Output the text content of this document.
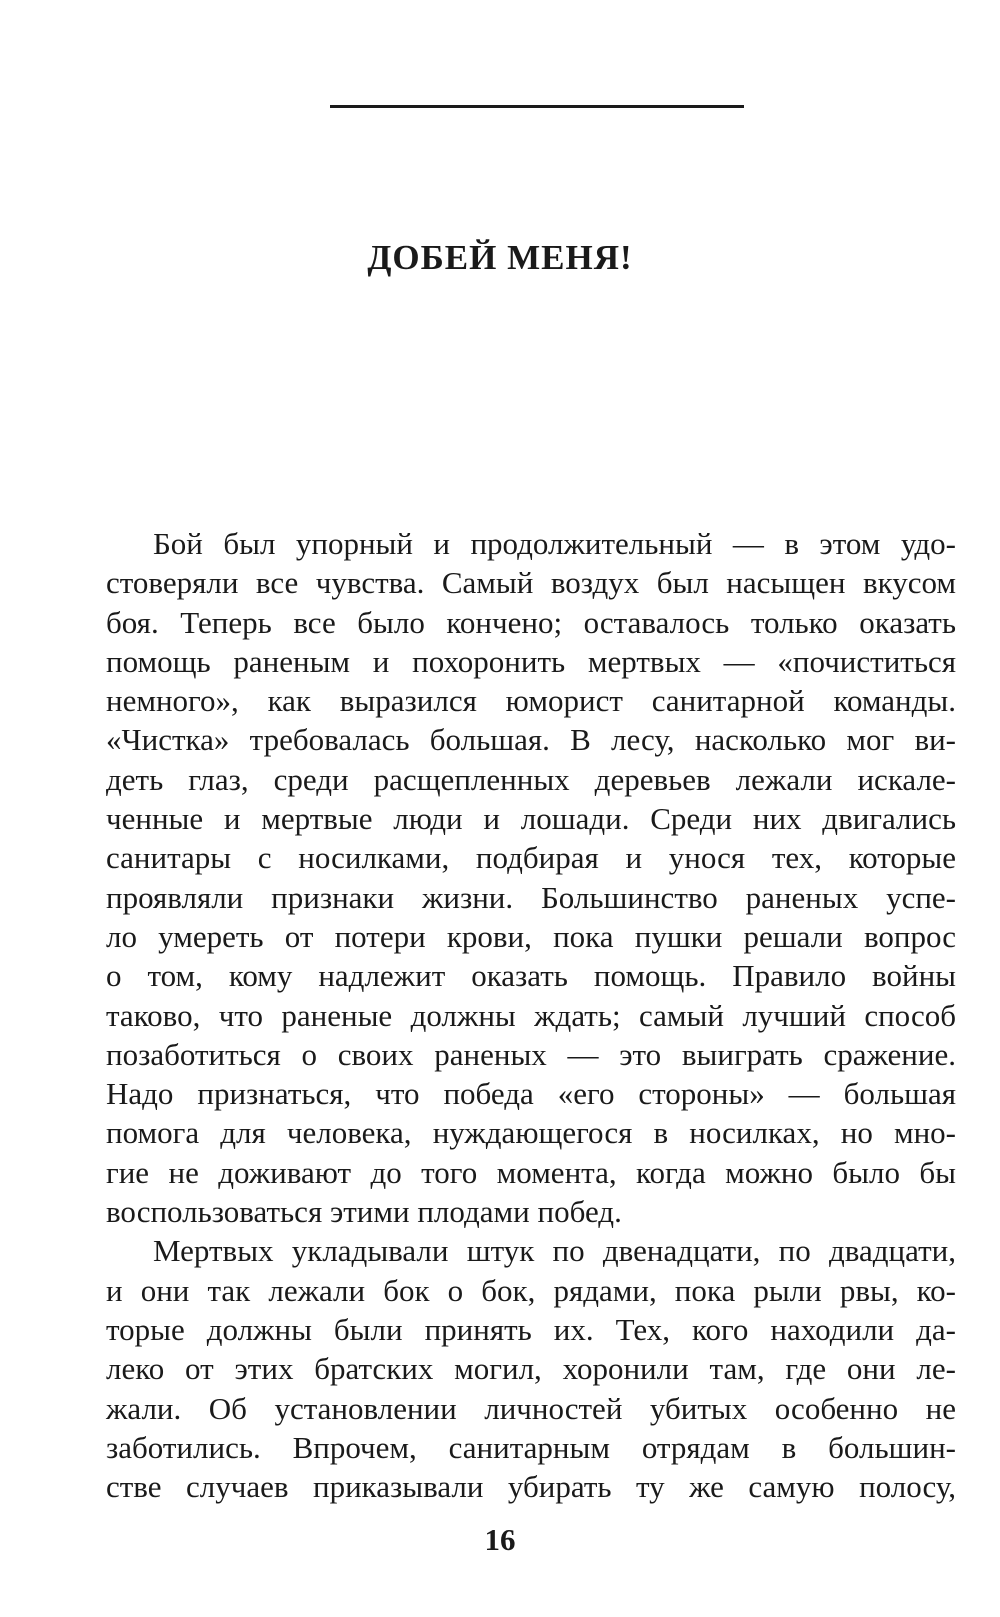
ДОБЕЙ МЕНЯ!
Бой был упорный и продолжительный — в этом удо-
стоверяли все чувства. Самый воздух был насыщен вкусом
боя. Теперь все было кончено; оставалось только оказать
помощь раненым и похоронить мертвых — «почиститься
немного», как выразился юморист санитарной команды.
«Чистка» требовалась большая. В лесу, насколько мог ви-
деть глаз, среди расщепленных деревьев лежали искале-
ченные и мертвые люди и лошади. Среди них двигались
санитары с носилками, подбирая и унося тех, которые
проявляли признаки жизни. Большинство раненых успе-
ло умереть от потери крови, пока пушки решали вопрос
о том, кому надлежит оказать помощь. Правило войны
таково, что раненые должны ждать; самый лучший способ
позаботиться о своих раненых — это выиграть сражение.
Надо признаться, что победа «его стороны» — большая
помога для человека, нуждающегося в носилках, но мно-
гие не доживают до того момента, когда можно было бы
воспользоваться этими плодами побед.
Мертвых укладывали штук по двенадцати, по двадцати,
и они так лежали бок о бок, рядами, пока рыли рвы, ко-
торые должны были принять их. Тех, кого находили да-
леко от этих братских могил, хоронили там, где они ле-
жали. Об установлении личностей убитых особенно не
заботились. Впрочем, санитарным отрядам в большин-
стве случаев приказывали убирать ту же самую полосу,
16
